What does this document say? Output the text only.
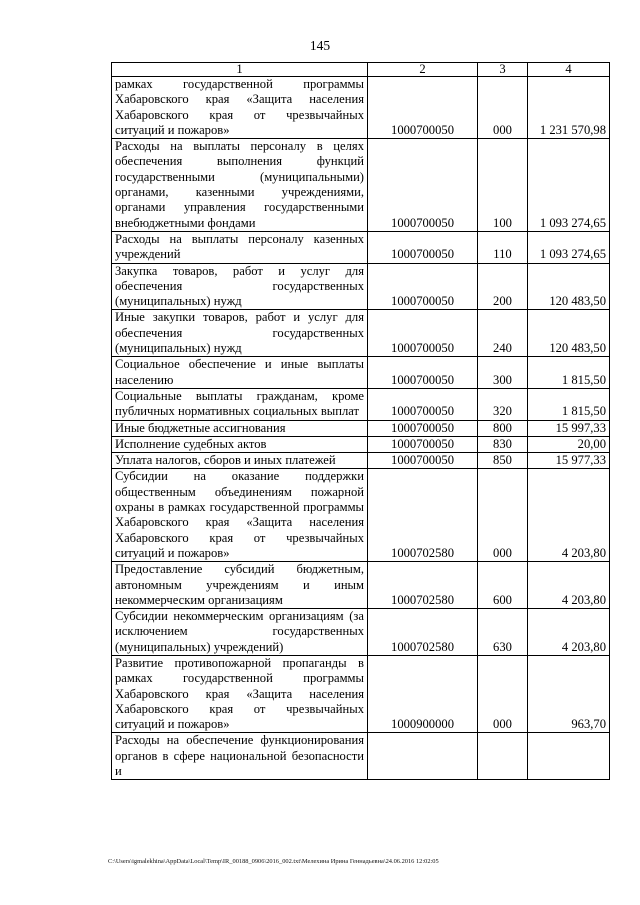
145
1	2	3	4
рамках государственной программы Хабаровского края «Защита населения Хабаровского края от чрезвычайных ситуаций и пожаров»	1000700050	000	1 231 570,98
Расходы на выплаты персоналу в целях обеспечения выполнения функций государственными (муниципальными) органами, казенными учреждениями, органами управления государственными внебюджетными фондами	1000700050	100	1 093 274,65
Расходы на выплаты персоналу казенных учреждений	1000700050	110	1 093 274,65
Закупка товаров, работ и услуг для обеспечения государственных (муниципальных) нужд	1000700050	200	120 483,50
Иные закупки товаров, работ и услуг для обеспечения государственных (муниципальных) нужд	1000700050	240	120 483,50
Социальное обеспечение и иные выплаты населению	1000700050	300	1 815,50
Социальные выплаты гражданам, кроме публичных нормативных социальных выплат	1000700050	320	1 815,50
Иные бюджетные ассигнования	1000700050	800	15 997,33
Исполнение судебных актов	1000700050	830	20,00
Уплата налогов, сборов и иных платежей	1000700050	850	15 977,33
Субсидии на оказание поддержки общественным объединениям пожарной охраны в рамках государственной программы Хабаровского края «Защита населения Хабаровского края от чрезвычайных ситуаций и пожаров»	1000702580	000	4 203,80
Предоставление субсидий бюджетным, автономным учреждениям и иным некоммерческим организациям	1000702580	600	4 203,80
Субсидии некоммерческим организациям (за исключением государственных (муниципальных) учреждений)	1000702580	630	4 203,80
Развитие противопожарной пропаганды в рамках государственной программы Хабаровского края «Защита населения Хабаровского края от чрезвычайных ситуаций и пожаров»	1000900000	000	963,70
Расходы на обеспечение функционирования органов в сфере национальной безопасности и			
C:\Users\igmalekhina\AppData\Local\Temp\IR_00188_0906\2016_002.txt\Мелехина Ирина Геннадьевна\24.06.2016 12:02:05
